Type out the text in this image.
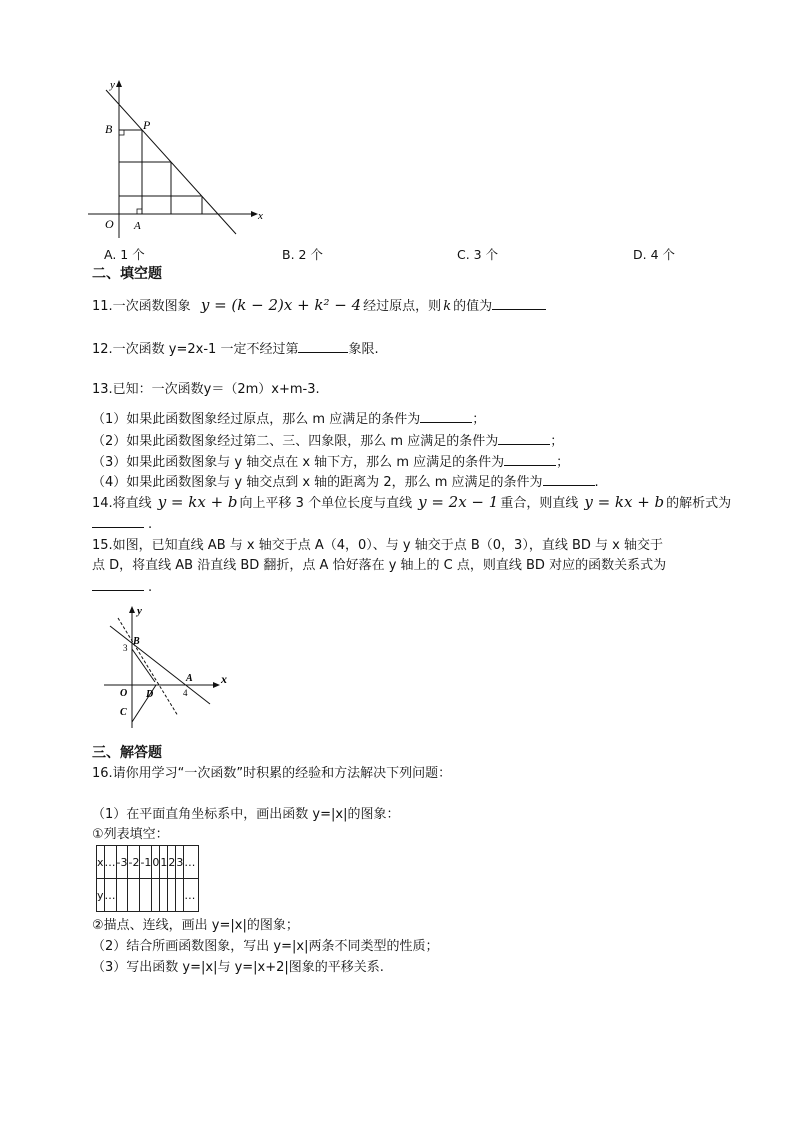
y
B	P
O A
x
A. 1 个	B. 2 个	C. 3 个	D. 4 个
二、填空题
11.一次函数图象 y = (k − 2)x + k² − 4 经过原点，则 k 的值为
12.一次函数 y=2x-1 一定不经过第	象限.
13.已知：一次函数y＝（2m）x+m-3.
（1）如果此函数图象经过原点，那么 m 应满足的条件为	；
（2）如果此函数图象经过第二、三、四象限，那么 m 应满足的条件为	；
（3）如果此函数图象与 y 轴交点在 x 轴下方，那么 m 应满足的条件为	；
（4）如果此函数图象与 y 轴交点到 x 轴的距离为 2，那么 m 应满足的条件为	.
14.将直线 y = kx + b 向上平移 3 个单位长度与直线 y = 2x − 1 重合，则直线 y = kx + b 的解析式为
.
15.如图，已知直线 AB 与 x 轴交于点 A（4，0）、与 y 轴交于点 B（0，3），直线 BD 与 x 轴交于
点 D，将直线 AB 沿直线 BD 翻折，点 A 恰好落在 y 轴上的 C 点，则直线 BD 对应的函数关系式为
.
y
B
3
A
4
x
O D
C
三、解答题
16.请你用学习“一次函数”时积累的经验和方法解决下列问题：
（1）在平面直角坐标系中，画出函数 y=|x|的图象：
①列表填空：
x	…	-3	-2	-1	0	1	2	3	…
y	…								…
②描点、连线，画出 y=|x|的图象；
（2）结合所画函数图象，写出 y=|x|两条不同类型的性质；
（3）写出函数 y=|x|与 y=|x+2|图象的平移关系.
